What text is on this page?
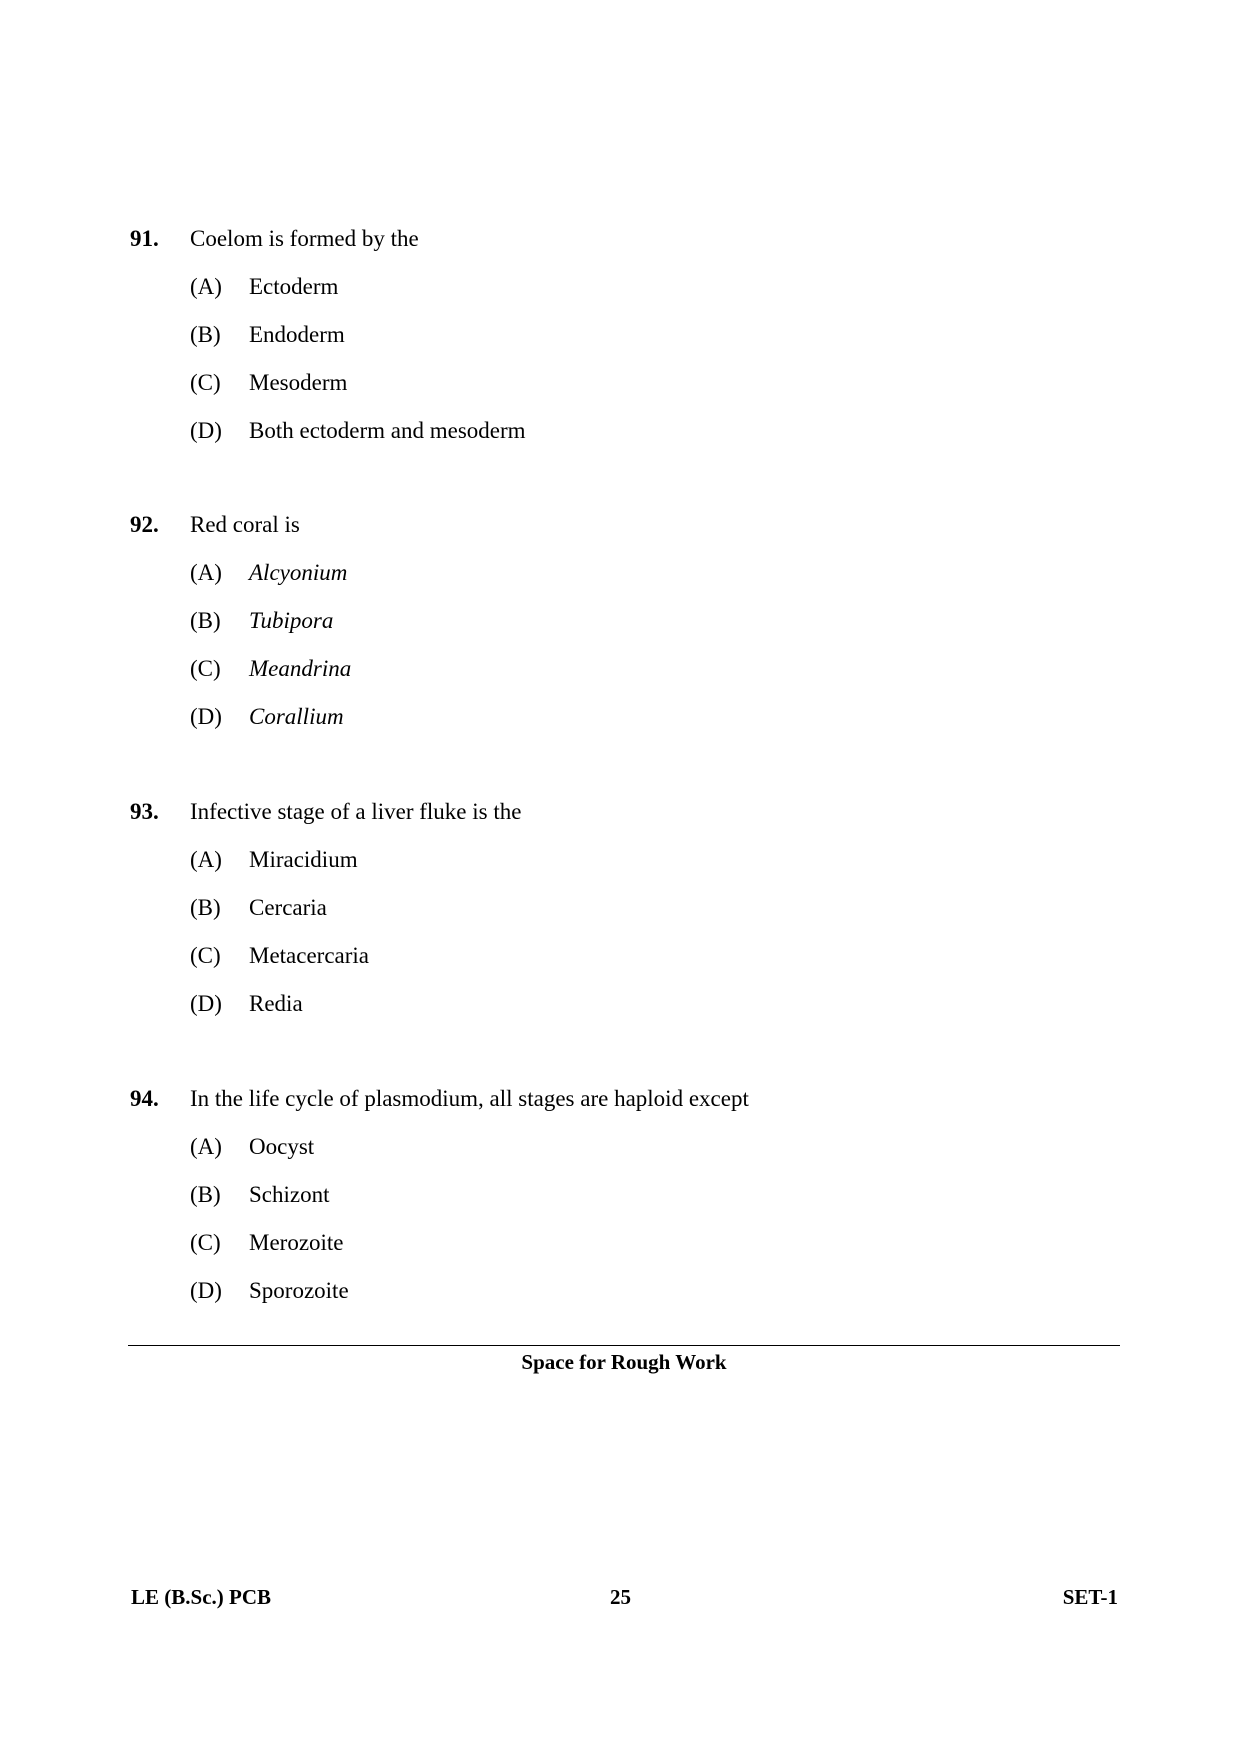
91. Coelom is formed by the
(A) Ectoderm
(B) Endoderm
(C) Mesoderm
(D) Both ectoderm and mesoderm
92. Red coral is
(A) Alcyonium
(B) Tubipora
(C) Meandrina
(D) Corallium
93. Infective stage of a liver fluke is the
(A) Miracidium
(B) Cercaria
(C) Metacercaria
(D) Redia
94. In the life cycle of plasmodium, all stages are haploid except
(A) Oocyst
(B) Schizont
(C) Merozoite
(D) Sporozoite
Space for Rough Work
LE (B.Sc.) PCB	25	SET-1
